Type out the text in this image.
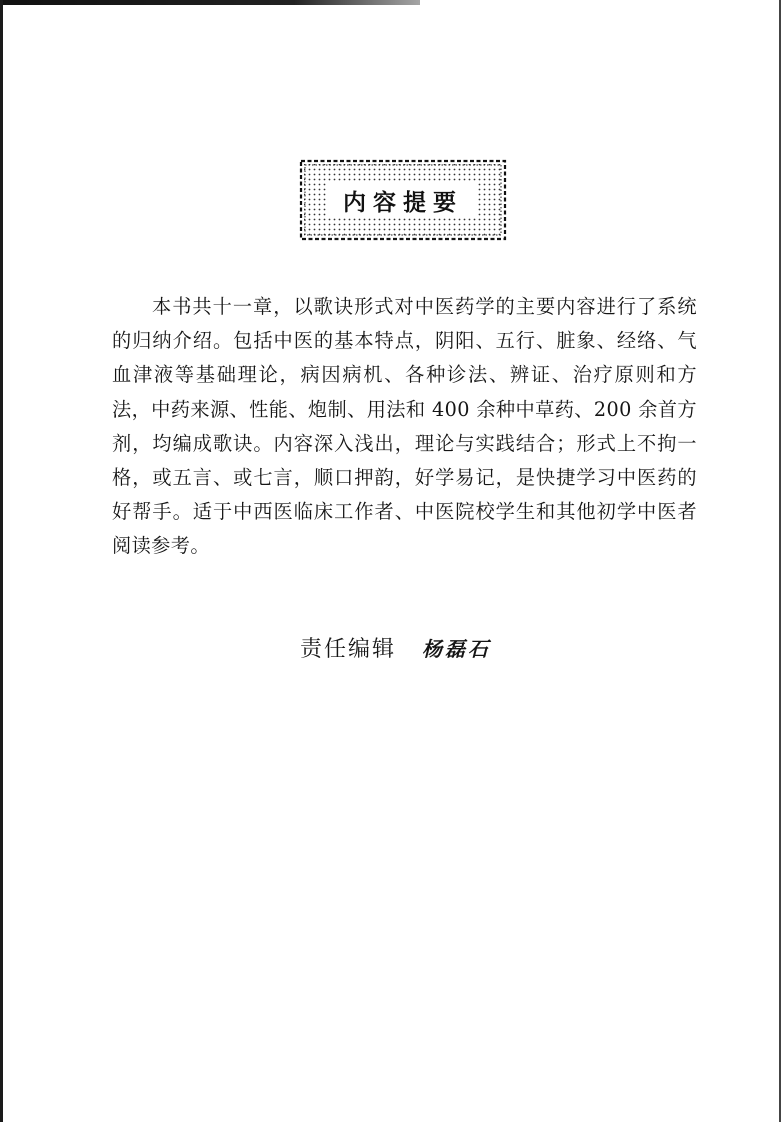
内容提要

本书共十一章，以歌诀形式对中医药学的主要内容进行了系统的归纳介绍。包括中医的基本特点，阴阳、五行、脏象、经络、气血津液等基础理论，病因病机、各种诊法、辨证、治疗原则和方法，中药来源、性能、炮制、用法和 400 余种中草药、200 余首方剂，均编成歌诀。内容深入浅出，理论与实践结合；形式上不拘一格，或五言、或七言，顺口押韵，好学易记，是快捷学习中医药的好帮手。适于中西医临床工作者、中医院校学生和其他初学中医者阅读参考。

责任编辑 杨磊石
